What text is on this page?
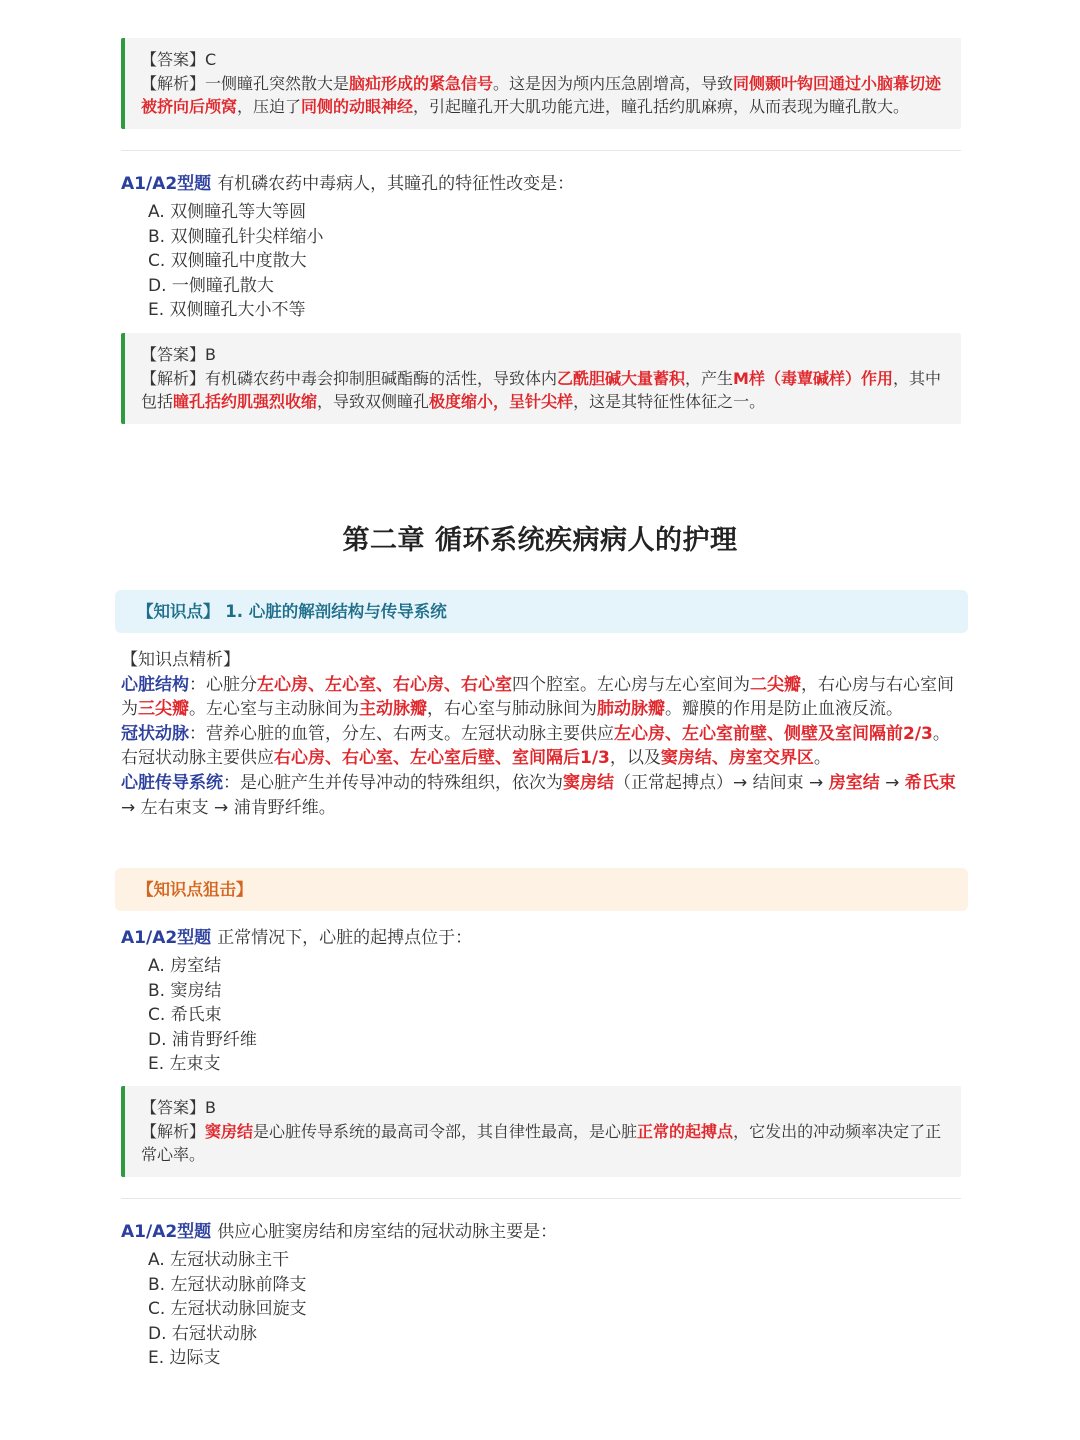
【答案】C
【解析】一侧瞳孔突然散大是脑疝形成的紧急信号。这是因为颅内压急剧增高，导致同侧颞叶钩回通过小脑幕切迹被挤向后颅窝，压迫了同侧的动眼神经，引起瞳孔开大肌功能亢进，瞳孔括约肌麻痹，从而表现为瞳孔散大。
A1/A2型题 有机磷农药中毒病人，其瞳孔的特征性改变是：
A. 双侧瞳孔等大等圆
B. 双侧瞳孔针尖样缩小
C. 双侧瞳孔中度散大
D. 一侧瞳孔散大
E. 双侧瞳孔大小不等
【答案】B
【解析】有机磷农药中毒会抑制胆碱酯酶的活性，导致体内乙酰胆碱大量蓄积，产生M样（毒蕈碱样）作用，其中包括瞳孔括约肌强烈收缩，导致双侧瞳孔极度缩小，呈针尖样，这是其特征性体征之一。
第二章 循环系统疾病病人的护理
【知识点】 1. 心脏的解剖结构与传导系统
【知识点精析】
心脏结构：心脏分左心房、左心室、右心房、右心室四个腔室。左心房与左心室间为二尖瓣，右心房与右心室间为三尖瓣。左心室与主动脉间为主动脉瓣，右心室与肺动脉间为肺动脉瓣。瓣膜的作用是防止血液反流。
冠状动脉：营养心脏的血管，分左、右两支。左冠状动脉主要供应左心房、左心室前壁、侧壁及室间隔前2/3。右冠状动脉主要供应右心房、右心室、左心室后壁、室间隔后1/3，以及窦房结、房室交界区。
心脏传导系统：是心脏产生并传导冲动的特殊组织，依次为窦房结（正常起搏点）→ 结间束 → 房室结 → 希氏束 → 左右束支 → 浦肯野纤维。
【知识点狙击】
A1/A2型题 正常情况下，心脏的起搏点位于：
A. 房室结
B. 窦房结
C. 希氏束
D. 浦肯野纤维
E. 左束支
【答案】B
【解析】窦房结是心脏传导系统的最高司令部，其自律性最高，是心脏正常的起搏点，它发出的冲动频率决定了正常心率。
A1/A2型题 供应心脏窦房结和房室结的冠状动脉主要是：
A. 左冠状动脉主干
B. 左冠状动脉前降支
C. 左冠状动脉回旋支
D. 右冠状动脉
E. 边际支
